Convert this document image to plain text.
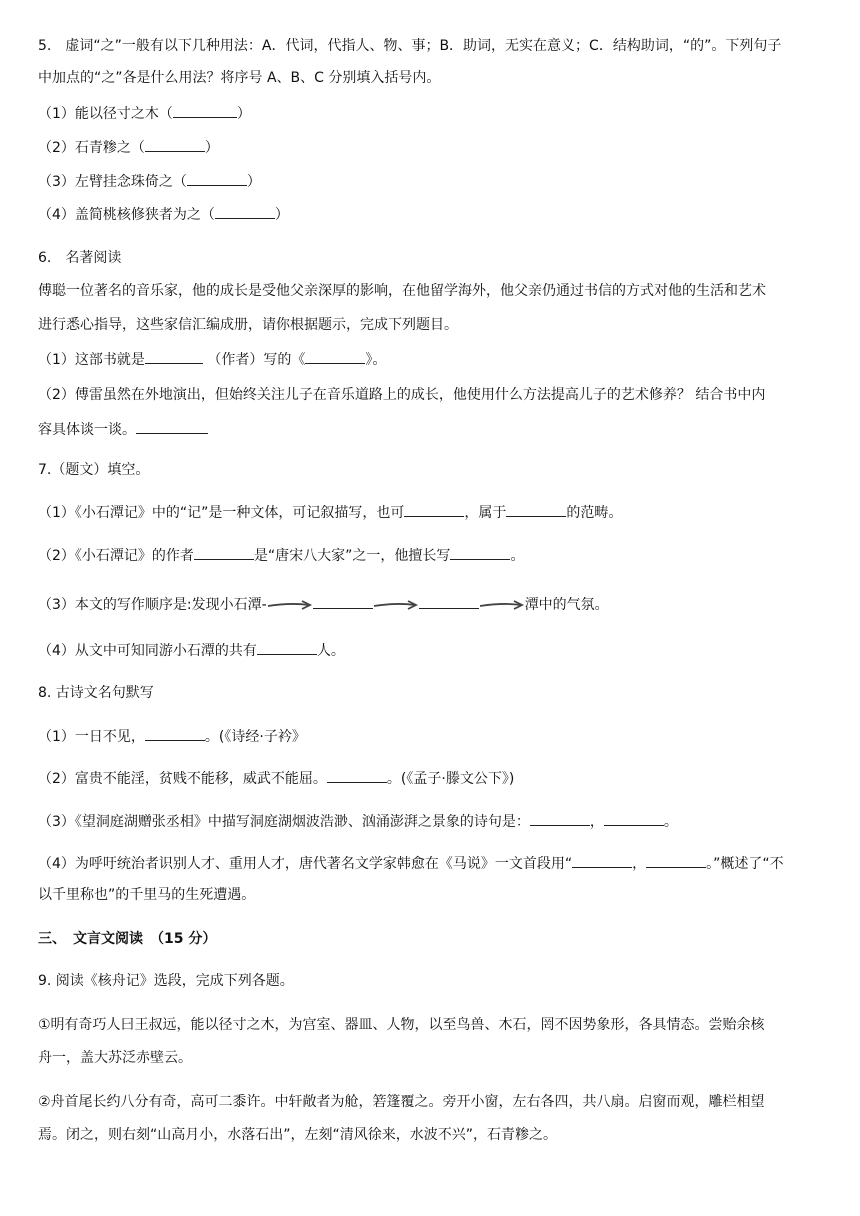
5.　虚词“之”一般有以下几种用法：A．代词，代指人、物、事；B．助词，无实在意义；C．结构助词，“的”。下列句子
中加点的“之”各是什么用法？将序号 A、B、C 分别填入括号内。
（1）能以径寸之木（	）
（2）石青糁之（	）
（3）左臂挂念珠倚之（	）
（4）盖简桃核修狭者为之（	）
6.　名著阅读
傅聪一位著名的音乐家，他的成长是受他父亲深厚的影响，在他留学海外，他父亲仍通过书信的方式对他的生活和艺术
进行悉心指导，这些家信汇编成册，请你根据题示，完成下列题目。
（1）这部书就是	（作者）写的《	》。
（2）傅雷虽然在外地演出，但始终关注儿子在音乐道路上的成长，他使用什么方法提高儿子的艺术修养？ 结合书中内
容具体谈一谈。
7.（题文）填空。
（1）《小石潭记》中的“记”是一种文体，可记叙描写，也可	，属于	的范畴。
（2）《小石潭记》的作者	是“唐宋八大家”之一，他擅长写	。
（3）本文的写作顺序是:发现小石潭-	潭中的气氛。
（4）从文中可知同游小石潭的共有	人。
8. 古诗文名句默写
（1）一日不见，	。(《诗经·子衿》
（2）富贵不能淫，贫贱不能移，威武不能屈。	。(《孟子·滕文公下》)
（3）《望洞庭湖赠张丞相》中描写洞庭湖烟波浩渺、汹涌澎湃之景象的诗句是：	，	。
（4）为呼吁统治者识别人才、重用人才，唐代著名文学家韩愈在《马说》一文首段用“	，	。”概述了“不
以千里称也”的千里马的生死遭遇。
三、　文言文阅读　（15 分）
9. 阅读《核舟记》选段，完成下列各题。
①明有奇巧人曰王叔远，能以径寸之木，为宫室、器皿、人物，以至鸟兽、木石，罔不因势象形，各具情态。尝贻余核
舟一，盖大苏泛赤壁云。
②舟首尾长约八分有奇，高可二黍许。中轩敞者为舱，箬篷覆之。旁开小窗，左右各四，共八扇。启窗而观，雕栏相望
焉。闭之，则右刻“山高月小，水落石出”，左刻“清风徐来，水波不兴”，石青糁之。
